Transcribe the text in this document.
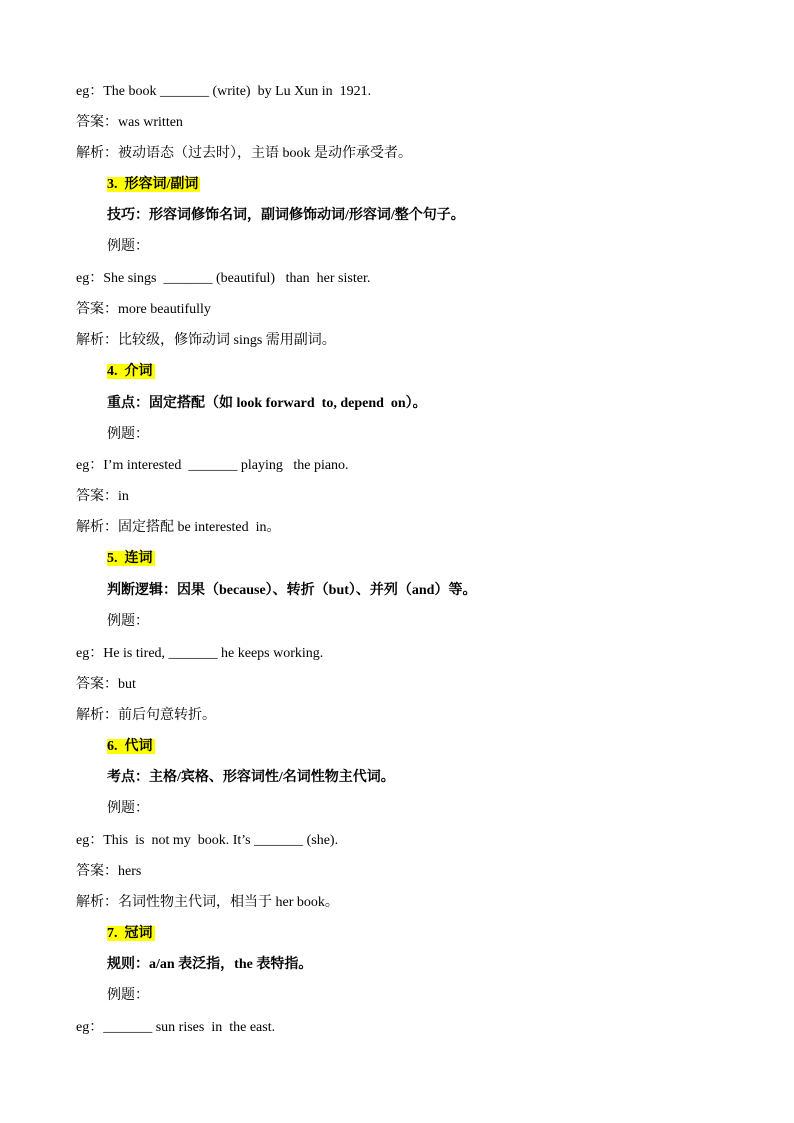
eg：The book _______ (write)  by Lu Xun in  1921.
答案：was written
解析：被动语态（过去时），主语 book 是动作承受者。
3.  形容词/副词
技巧：形容词修饰名词，副词修饰动词/形容词/整个句子。
例题：
eg：She sings  _______ (beautiful)   than  her sister.
答案：more beautifully
解析：比较级，修饰动词 sings 需用副词。
4.  介词
重点：固定搭配（如 look forward  to, depend  on）。
例题：
eg：I’m interested  _______ playing   the piano.
答案：in
解析：固定搭配 be interested  in。
5.  连词
判断逻辑：因果（because）、转折（but）、并列（and）等。
例题：
eg：He is tired, _______ he keeps working.
答案：but
解析：前后句意转折。
6.  代词
考点：主格/宾格、形容词性/名词性物主代词。
例题：
eg：This  is  not my  book. It’s _______ (she).
答案：hers
解析：名词性物主代词，相当于 her book。
7.  冠词
规则：a/an 表泛指，the 表特指。
例题：
eg：_______ sun rises  in  the east.
